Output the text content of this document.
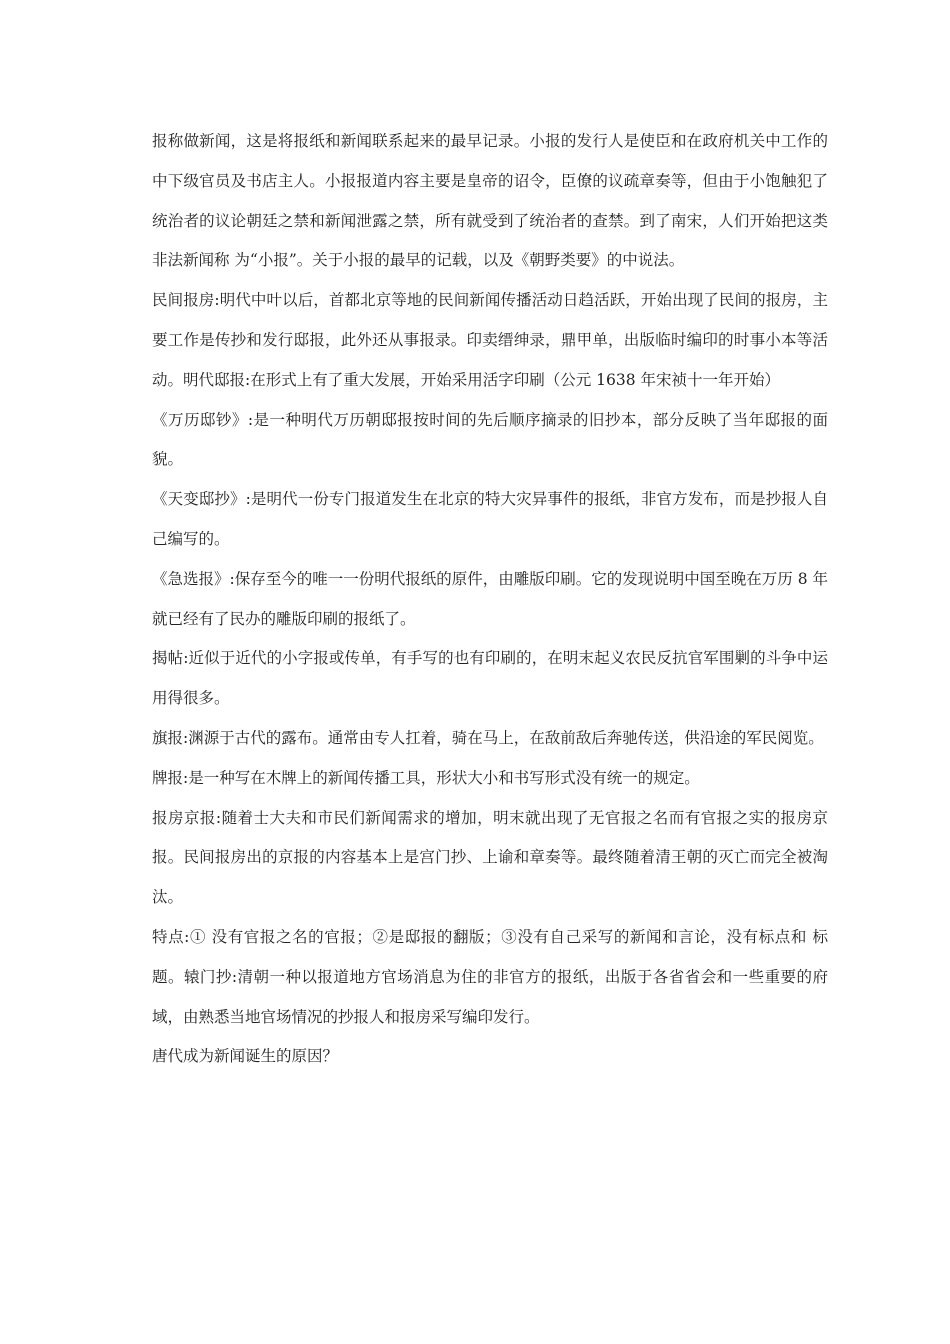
报称做新闻，这是将报纸和新闻联系起来的最早记录。小报的发行人是使臣和在政府机关中工作的中下级官员及书店主人。小报报道内容主要是皇帝的诏令，臣僚的议疏章奏等，但由于小饱触犯了统治者的议论朝廷之禁和新闻泄露之禁，所有就受到了统治者的查禁。到了南宋，人们开始把这类非法新闻称 为“小报”。关于小报的最早的记载，以及《朝野类要》的中说法。

民间报房:明代中叶以后，首都北京等地的民间新闻传播活动日趋活跃，开始出现了民间的报房，主要工作是传抄和发行邸报，此外还从事报录。印卖缙绅录，鼎甲单，出版临时编印的时事小本等活动。明代邸报:在形式上有了重大发展，开始采用活字印刷（公元 1638 年宋祯十一年开始）

《万历邸钞》:是一种明代万历朝邸报按时间的先后顺序摘录的旧抄本，部分反映了当年邸报的面貌。

《天变邸抄》:是明代一份专门报道发生在北京的特大灾异事件的报纸，非官方发布，而是抄报人自己编写的。

《急选报》:保存至今的唯一一份明代报纸的原件，由雕版印刷。它的发现说明中国至晚在万历 8 年就已经有了民办的雕版印刷的报纸了。

揭帖:近似于近代的小字报或传单，有手写的也有印刷的，在明末起义农民反抗官军围剿的斗争中运用得很多。

旗报:渊源于古代的露布。通常由专人扛着，骑在马上，在敌前敌后奔驰传送，供沿途的军民阅览。

牌报:是一种写在木牌上的新闻传播工具，形状大小和书写形式没有统一的规定。

报房京报:随着士大夫和市民们新闻需求的增加，明末就出现了无官报之名而有官报之实的报房京报。民间报房出的京报的内容基本上是宫门抄、上谕和章奏等。最终随着清王朝的灭亡而完全被淘汰。

特点:① 没有官报之名的官报；②是邸报的翻版；③没有自己采写的新闻和言论，没有标点和 标题。辕门抄:清朝一种以报道地方官场消息为住的非官方的报纸，出版于各省省会和一些重要的府域，由熟悉当地官场情况的抄报人和报房采写编印发行。

唐代成为新闻诞生的原因？
